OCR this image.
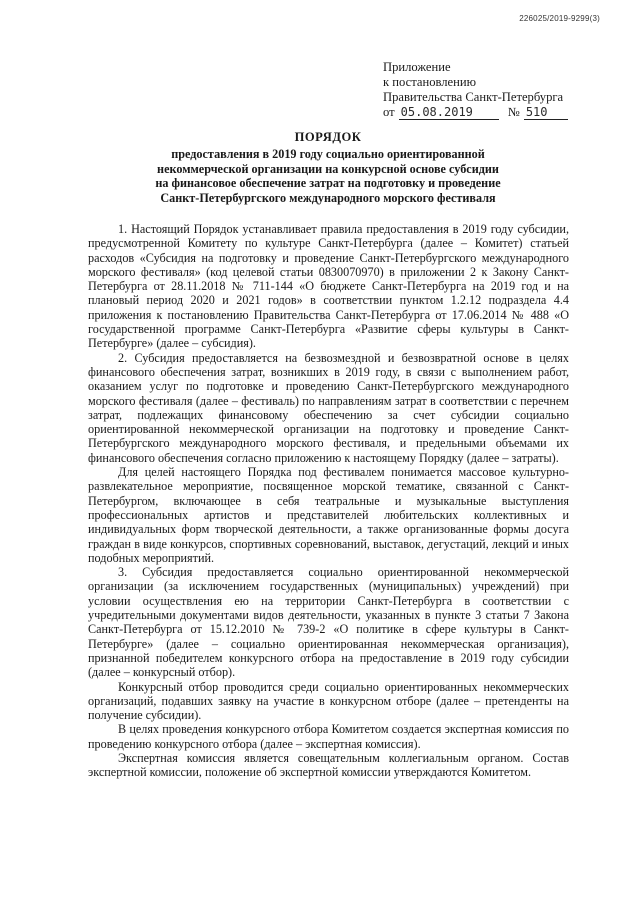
226025/2019-9299(3)
Приложение
к постановлению
Правительства Санкт-Петербурга
от 05.08.2019	№ 510
ПОРЯДОК
предоставления в 2019 году социально ориентированной
некоммерческой организации на конкурсной основе субсидии
на финансовое обеспечение затрат на подготовку и проведение
Санкт-Петербургского международного морского фестиваля

1. Настоящий Порядок устанавливает правила предоставления в 2019 году субсидии, предусмотренной Комитету по культуре Санкт-Петербурга (далее – Комитет) статьей расходов «Субсидия на подготовку и проведение Санкт-Петербургского международного морского фестиваля» (код целевой статьи 0830070970) в приложении 2 к Закону Санкт-Петербурга от 28.11.2018 № 711-144 «О бюджете Санкт-Петербурга на 2019 год и на плановый период 2020 и 2021 годов» в соответствии пунктом 1.2.12 подраздела 4.4 приложения к постановлению Правительства Санкт-Петербурга от 17.06.2014 № 488 «О государственной программе Санкт-Петербурга «Развитие сферы культуры в Санкт-Петербурге» (далее – субсидия).

2. Субсидия предоставляется на безвозмездной и безвозвратной основе в целях финансового обеспечения затрат, возникших в 2019 году, в связи с выполнением работ, оказанием услуг по подготовке и проведению Санкт-Петербургского международного морского фестиваля (далее – фестиваль) по направлениям затрат в соответствии с перечнем затрат, подлежащих финансовому обеспечению за счет субсидии социально ориентированной некоммерческой организации на подготовку и проведение Санкт-Петербургского международного морского фестиваля, и предельными объемами их финансового обеспечения согласно приложению к настоящему Порядку (далее – затраты).

Для целей настоящего Порядка под фестивалем понимается массовое культурно-развлекательное мероприятие, посвященное морской тематике, связанной с Санкт-Петербургом, включающее в себя театральные и музыкальные выступления профессиональных артистов и представителей любительских коллективных и индивидуальных форм творческой деятельности, а также организованные формы досуга граждан в виде конкурсов, спортивных соревнований, выставок, дегустаций, лекций и иных подобных мероприятий.

3. Субсидия предоставляется социально ориентированной некоммерческой организации (за исключением государственных (муниципальных) учреждений) при условии осуществления ею на территории Санкт-Петербурга в соответствии с учредительными документами видов деятельности, указанных в пункте 3 статьи 7 Закона Санкт-Петербурга от 15.12.2010 № 739-2 «О политике в сфере культуры в Санкт-Петербурге» (далее – социально ориентированная некоммерческая организация), признанной победителем конкурсного отбора на предоставление в 2019 году субсидии (далее – конкурсный отбор).

Конкурсный отбор проводится среди социально ориентированных некоммерческих организаций, подавших заявку на участие в конкурсном отборе (далее – претенденты на получение субсидии).

В целях проведения конкурсного отбора Комитетом создается экспертная комиссия по проведению конкурсного отбора (далее – экспертная комиссия).

Экспертная комиссия является совещательным коллегиальным органом. Состав экспертной комиссии, положение об экспертной комиссии утверждаются Комитетом.
